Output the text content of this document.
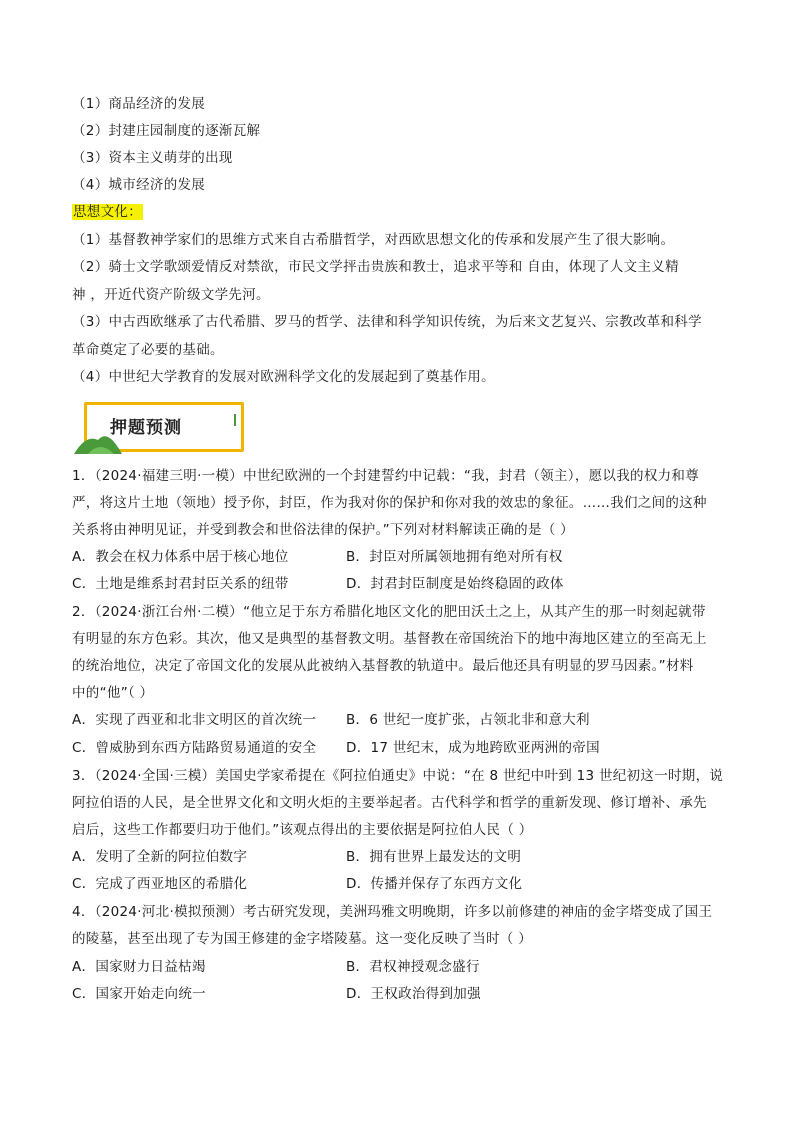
（1）商品经济的发展
（2）封建庄园制度的逐渐瓦解
（3）资本主义萌芽的出现
（4）城市经济的发展
思想文化：
（1）基督教神学家们的思维方式来自古希腊哲学，对西欧思想文化的传承和发展产生了很大影响。
（2）骑士文学歌颂爱情反对禁欲，市民文学抨击贵族和教士，追求平等和 自由，体现了人文主义精
神 ，开近代资产阶级文学先河。
（3）中古西欧继承了古代希腊、罗马的哲学、法律和科学知识传统，为后来文艺复兴、宗教改革和科学
革命奠定了必要的基础。
（4）中世纪大学教育的发展对欧洲科学文化的发展起到了奠基作用。
押题预测
1．（2024·福建三明·一模）中世纪欧洲的一个封建誓约中记载：“我，封君（领主），愿以我的权力和尊
严，将这片土地（领地）授予你，封臣，作为我对你的保护和你对我的效忠的象征。……我们之间的这种
关系将由神明见证，并受到教会和世俗法律的保护。”下列对材料解读正确的是（ ）
A．教会在权力体系中居于核心地位	B．封臣对所属领地拥有绝对所有权
C．土地是维系封君封臣关系的纽带	D．封君封臣制度是始终稳固的政体
2．（2024·浙江台州·二模）“他立足于东方希腊化地区文化的肥田沃土之上，从其产生的那一时刻起就带
有明显的东方色彩。其次，他又是典型的基督教文明。基督教在帝国统治下的地中海地区建立的至高无上
的统治地位，决定了帝国文化的发展从此被纳入基督教的轨道中。最后他还具有明显的罗马因素。”材料
中的“他”（ ）
A．实现了西亚和北非文明区的首次统一 B．6 世纪一度扩张，占领北非和意大利
C．曾威胁到东西方陆路贸易通道的安全 D．17 世纪末，成为地跨欧亚两洲的帝国
3．（2024·全国·三模）美国史学家希提在《阿拉伯通史》中说：“在 8 世纪中叶到 13 世纪初这一时期，说
阿拉伯语的人民，是全世界文化和文明火炬的主要举起者。古代科学和哲学的重新发现、修订增补、承先
启后，这些工作都要归功于他们。”该观点得出的主要依据是阿拉伯人民（ ）
A．发明了全新的阿拉伯数字	B．拥有世界上最发达的文明
C．完成了西亚地区的希腊化	D．传播并保存了东西方文化
4．（2024·河北·模拟预测）考古研究发现，美洲玛雅文明晚期，许多以前修建的神庙的金字塔变成了国王
的陵墓，甚至出现了专为国王修建的金字塔陵墓。这一变化反映了当时（ ）
A．国家财力日益枯竭	B．君权神授观念盛行
C．国家开始走向统一	D．王权政治得到加强
